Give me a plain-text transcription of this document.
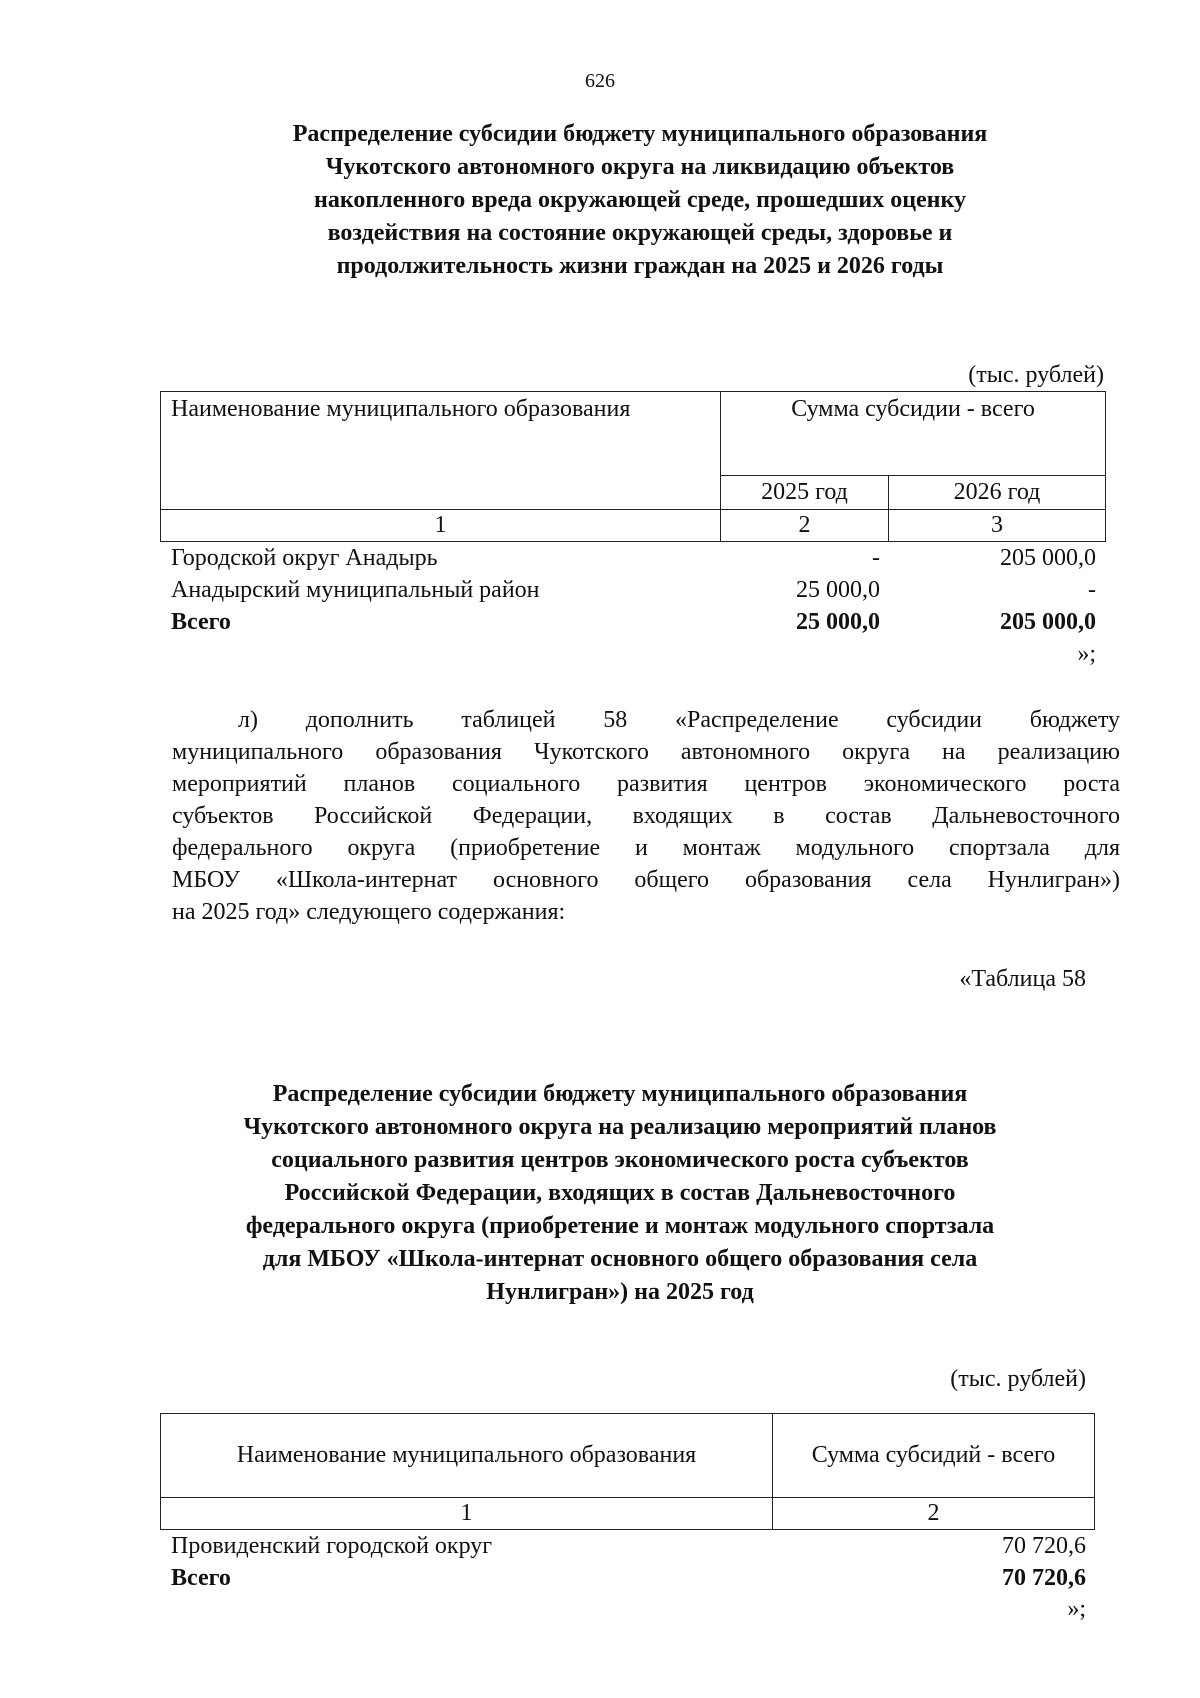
626
Распределение субсидии бюджету муниципального образования
Чукотского автономного округа на ликвидацию объектов
накопленного вреда окружающей среде, прошедших оценку
воздействия на состояние окружающей среды, здоровье и
продолжительность жизни граждан на 2025 и 2026 годы
(тыс. рублей)
Наименование муниципального образования	Сумма субсидии - всего	
	2025 год	2026 год
1	2	3
Городской округ Анадырь	-	205 000,0
Анадырский муниципальный район	25 000,0	-
Всего	25 000,0	205 000,0
»;
л) дополнить таблицей 58 «Распределение субсидии бюджету
муниципального образования Чукотского автономного округа на реализацию
мероприятий планов социального развития центров экономического роста
субъектов Российской Федерации, входящих в состав Дальневосточного
федерального округа (приобретение и монтаж модульного спортзала для
МБОУ «Школа-интернат основного общего образования села Нунлигран»)
на 2025 год» следующего содержания:
«Таблица 58
Распределение субсидии бюджету муниципального образования
Чукотского автономного округа на реализацию мероприятий планов
социального развития центров экономического роста субъектов
Российской Федерации, входящих в состав Дальневосточного
федерального округа (приобретение и монтаж модульного спортзала
для МБОУ «Школа-интернат основного общего образования села
Нунлигран») на 2025 год
(тыс. рублей)
Наименование муниципального образования	Сумма субсидий - всего
1	2
Провиденский городской округ	70 720,6
Всего	70 720,6
»;
